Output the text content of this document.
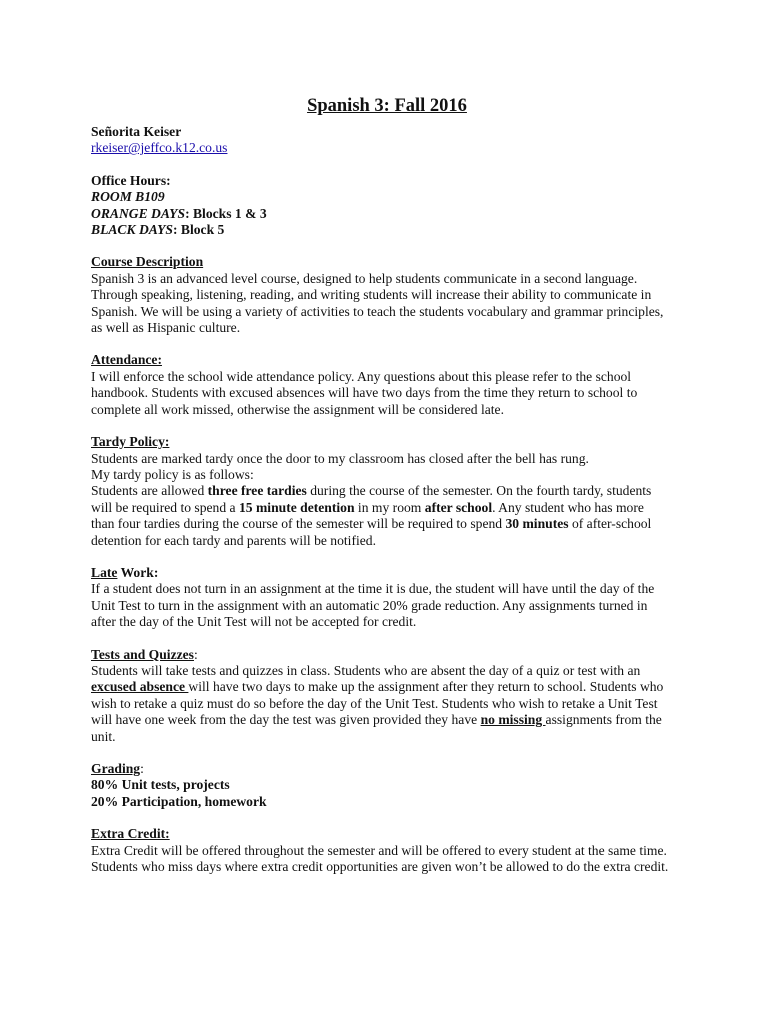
Spanish 3: Fall 2016
Señorita Keiser
rkeiser@jeffco.k12.co.us
Office Hours:
ROOM B109
ORANGE DAYS: Blocks 1 & 3
BLACK DAYS: Block 5
Course Description
Spanish 3 is an advanced level course, designed to help students communicate in a second language.
Through speaking, listening, reading, and writing students will increase their ability to communicate in
Spanish. We will be using a variety of activities to teach the students vocabulary and grammar principles,
as well as Hispanic culture.
Attendance:
I will enforce the school wide attendance policy. Any questions about this please refer to the school
handbook. Students with excused absences will have two days from the time they return to school to
complete all work missed, otherwise the assignment will be considered late.
Tardy Policy:
Students are marked tardy once the door to my classroom has closed after the bell has rung.
My tardy policy is as follows:
Students are allowed three free tardies during the course of the semester. On the fourth tardy, students
will be required to spend a 15 minute detention in my room after school. Any student who has more
than four tardies during the course of the semester will be required to spend 30 minutes of after-school
detention for each tardy and parents will be notified.
Late Work:
If a student does not turn in an assignment at the time it is due, the student will have until the day of the
Unit Test to turn in the assignment with an automatic 20% grade reduction. Any assignments turned in
after the day of the Unit Test will not be accepted for credit.
Tests and Quizzes:
Students will take tests and quizzes in class. Students who are absent the day of a quiz or test with an
excused absence will have two days to make up the assignment after they return to school. Students who
wish to retake a quiz must do so before the day of the Unit Test. Students who wish to retake a Unit Test
will have one week from the day the test was given provided they have no missing assignments from the
unit.
Grading:
80% Unit tests, projects
20% Participation, homework
Extra Credit:
Extra Credit will be offered throughout the semester and will be offered to every student at the same time.
Students who miss days where extra credit opportunities are given won’t be allowed to do the extra credit.
